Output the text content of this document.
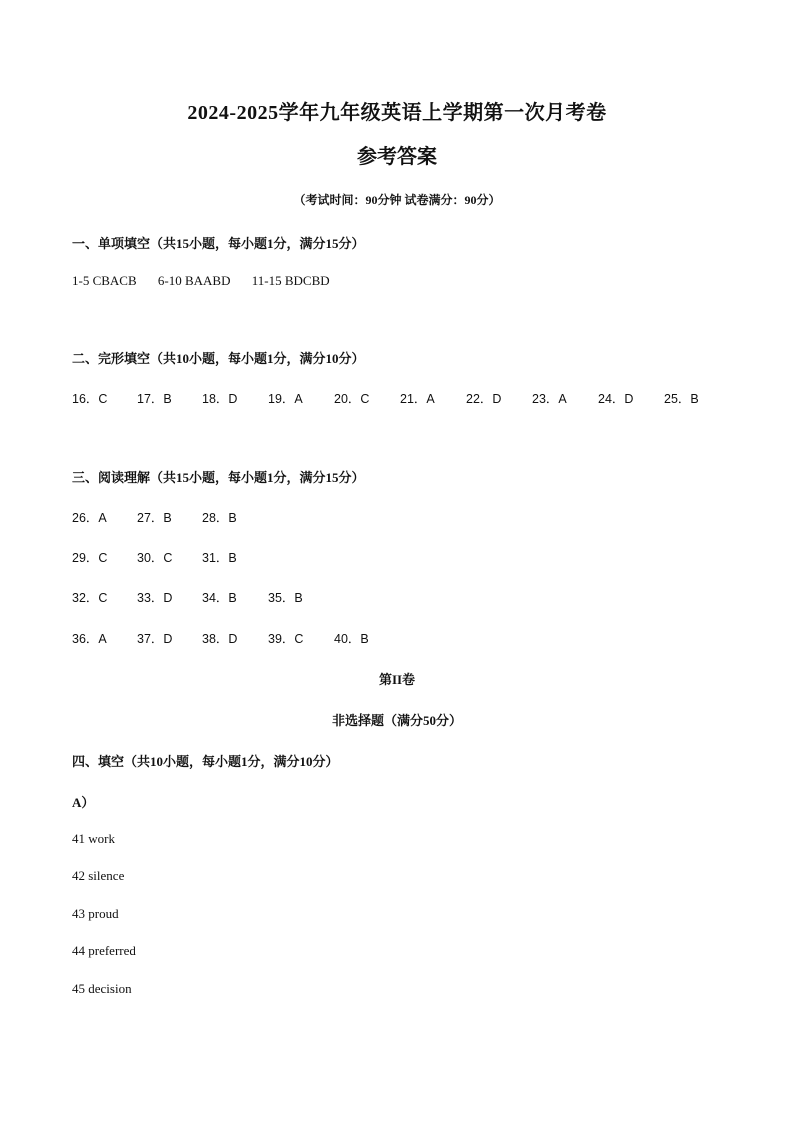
2024-2025学年九年级英语上学期第一次月考卷
参考答案
（考试时间：90分钟 试卷满分：90分）
一、单项填空（共15小题，每小题1分，满分15分）
1-5 CBACB 6-10 BAABD 11-15 BDCBD
二、完形填空（共10小题，每小题1分，满分10分）
16．C 17．B 18．D 19．A	20．C 21．A	22．D 23．A	24．D 25．B
三、阅读理解（共15小题，每小题1分，满分15分）
26．A 27．B 28．B
29．C 30．C 31．B
32．C 33．D 34．B	35．B
36．A 37．D 38．D 39．C 40．B
第II卷
非选择题（满分50分）
四、填空（共10小题，每小题1分，满分10分）
A）
41 work
42 silence
43 proud
44 preferred
45 decision
